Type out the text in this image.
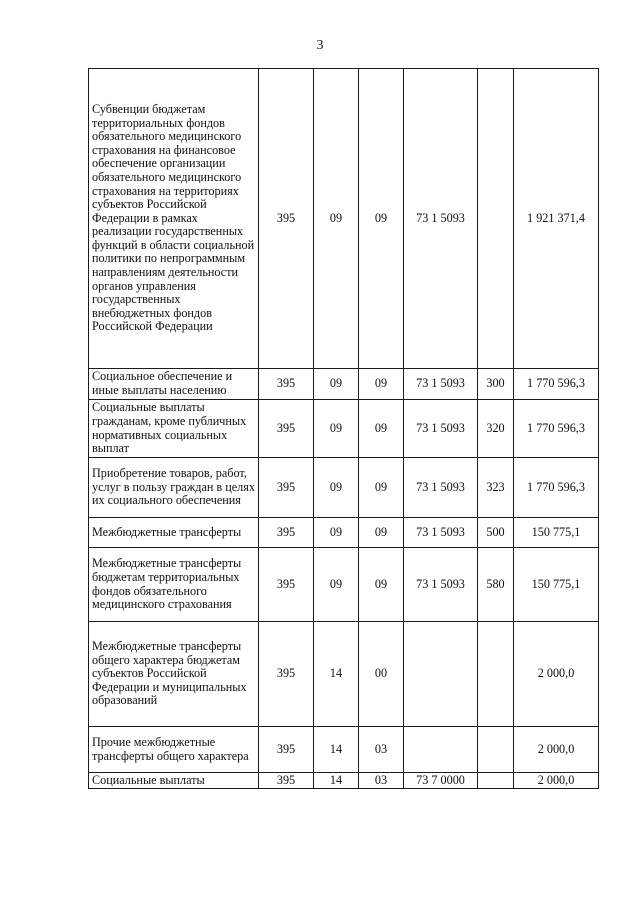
3
Субвенции бюджетам территориальных фондов обязательного медицинского страхования на финансовое обеспечение организации обязательного медицинского страхования на территориях субъектов Российской Федерации в рамках реализации государственных функций в области социальной политики по непрограммным направлениям деятельности органов управления государственных внебюджетных фондов Российской Федерации	395	09	09	73 1 5093		1 921 371,4
Социальное обеспечение и иные выплаты населению	395	09	09	73 1 5093	300	1 770 596,3
Социальные выплаты гражданам, кроме публичных нормативных социальных выплат	395	09	09	73 1 5093	320	1 770 596,3
Приобретение товаров, работ, услуг в пользу граждан в целях их социального обеспечения	395	09	09	73 1 5093	323	1 770 596,3
Межбюджетные трансферты	395	09	09	73 1 5093	500	150 775,1
Межбюджетные трансферты бюджетам территориальных фондов обязательного медицинского страхования	395	09	09	73 1 5093	580	150 775,1
Межбюджетные трансферты общего характера бюджетам субъектов Российской Федерации и муниципальных образований	395	14	00			2 000,0
Прочие межбюджетные трансферты общего характера	395	14	03			2 000,0
Социальные выплаты	395	14	03	73 7 0000		2 000,0
